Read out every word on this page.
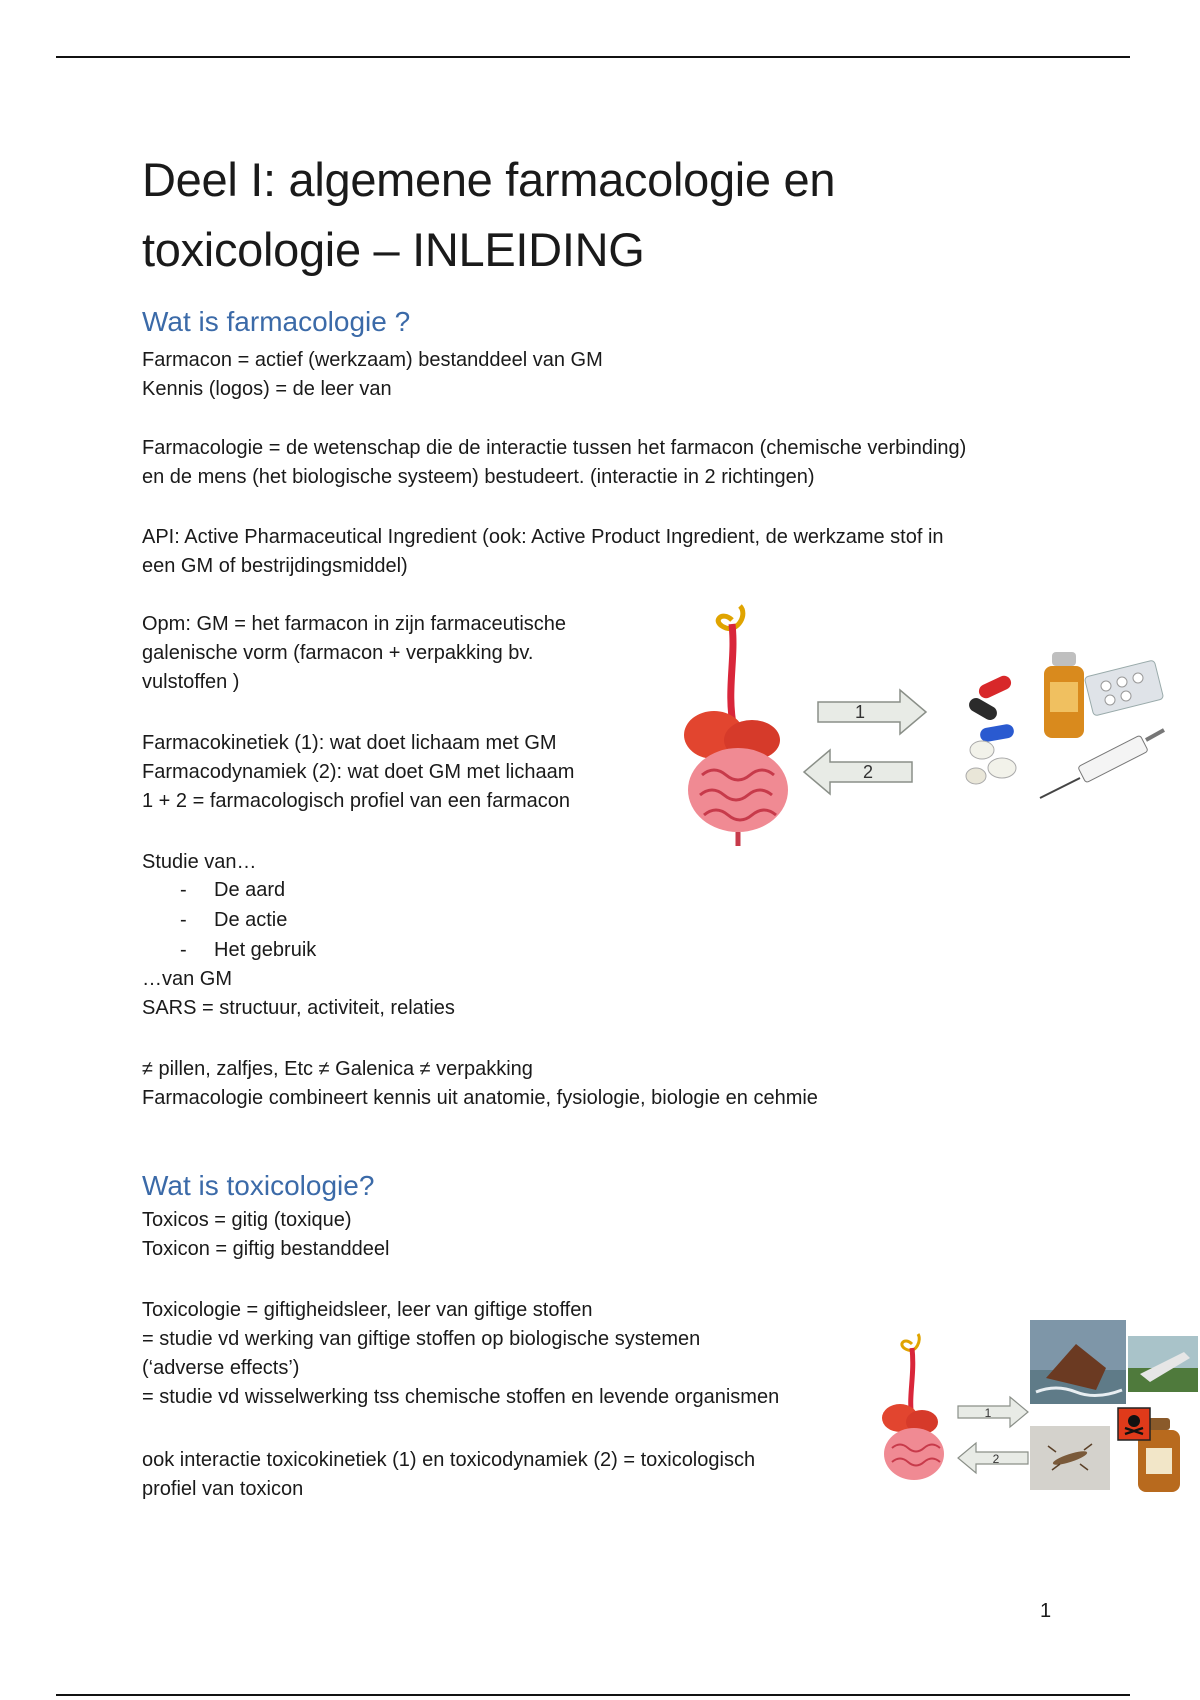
Deel I: algemene farmacologie en
toxicologie – INLEIDING
Wat is farmacologie ?

Farmacon = actief (werkzaam) bestanddeel van GM
Kennis (logos) = de leer van

Farmacologie = de wetenschap die de interactie tussen het farmacon (chemische verbinding)
en de mens (het biologische systeem) bestudeert. (interactie in 2 richtingen)

API: Active Pharmaceutical Ingredient (ook: Active Product Ingredient, de werkzame stof in
een GM of bestrijdingsmiddel)

Opm: GM = het farmacon in zijn farmaceutische
galenische vorm (farmacon + verpakking bv.
vulstoffen )

Farmacokinetiek (1): wat doet lichaam met GM
Farmacodynamiek (2): wat doet GM met lichaam
1 + 2 = farmacologisch profiel van een farmacon

Studie van…

- De aard
- De actie
- Het gebruik

…van GM
SARS = structuur, activiteit, relaties

≠ pillen, zalfjes, Etc ≠ Galenica ≠ verpakking
Farmacologie combineert kennis uit anatomie, fysiologie, biologie en cehmie

1
2
Wat is toxicologie?

Toxicos = gitig (toxique)
Toxicon = giftig bestanddeel

Toxicologie = giftigheidsleer, leer van giftige stoffen
= studie vd werking van giftige stoffen op biologische systemen
(‘adverse effects’)
= studie vd wisselwerking tss chemische stoffen en levende organismen

ook interactie toxicokinetiek (1) en toxicodynamiek (2) = toxicologisch
profiel van toxicon

1
2
1
